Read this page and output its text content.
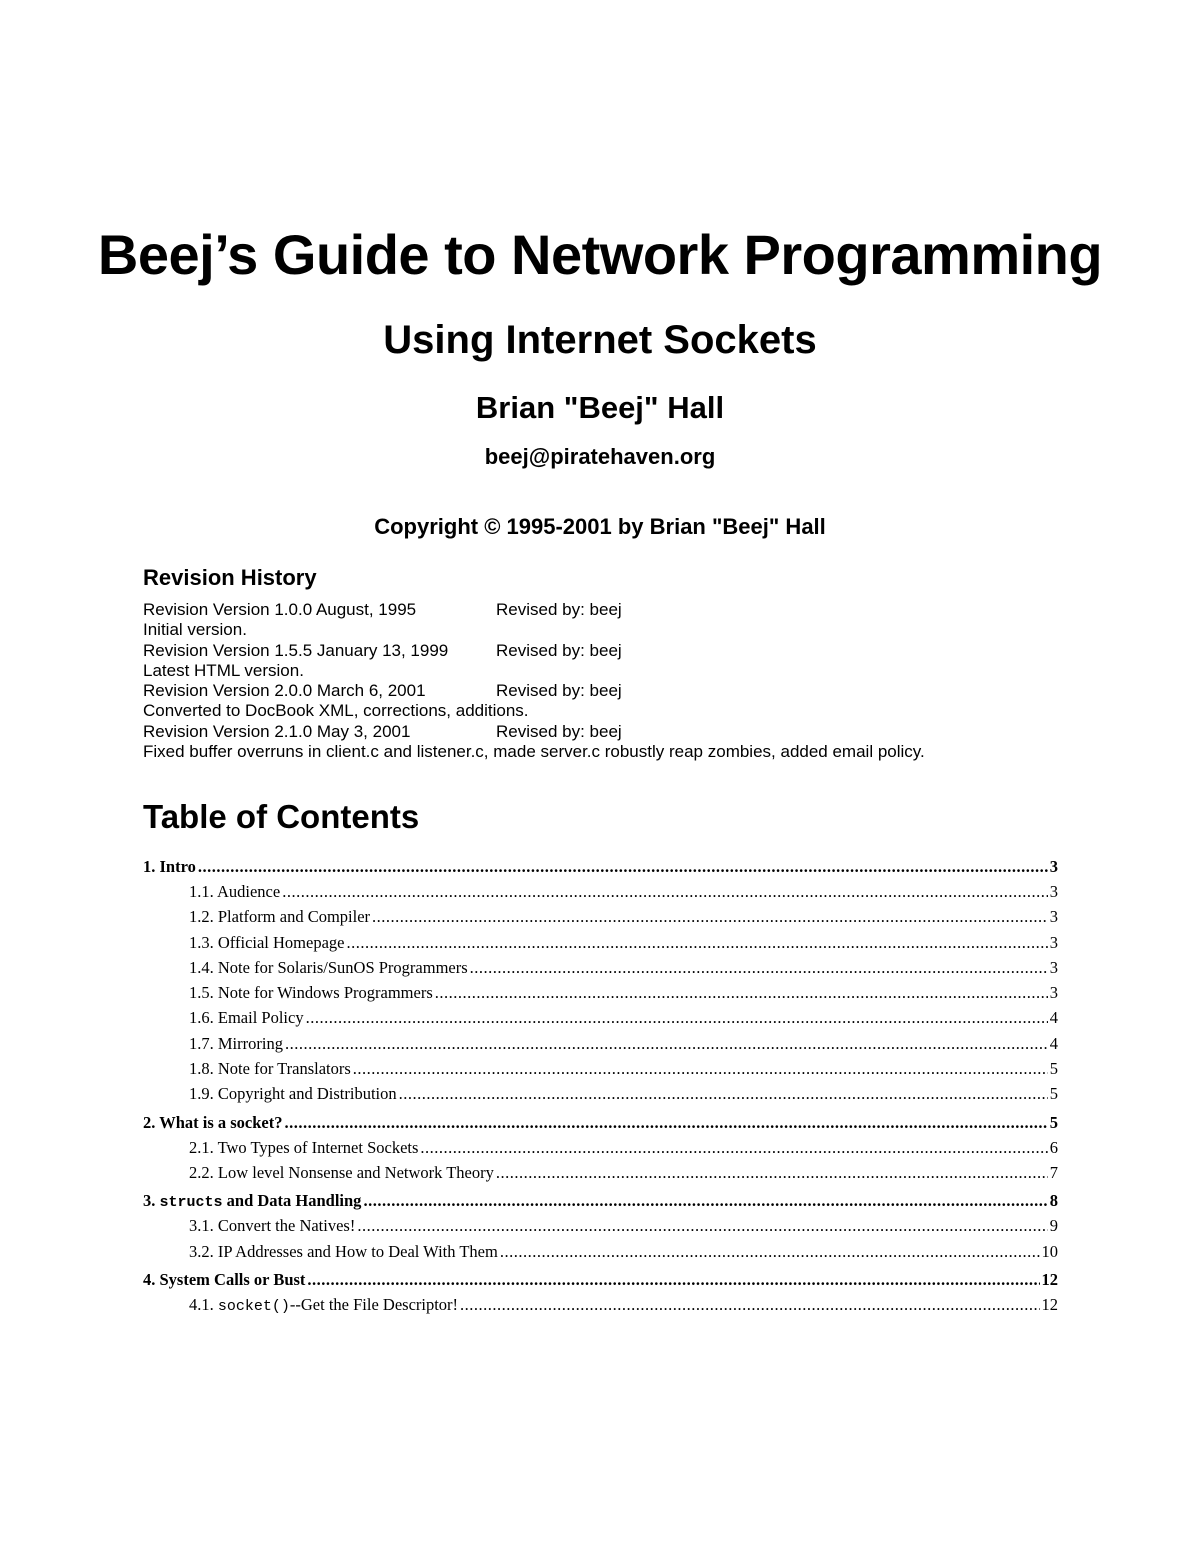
Beej’s Guide to Network Programming
Using Internet Sockets
Brian "Beej" Hall
beej@piratehaven.org
Copyright © 1995-2001 by Brian "Beej" Hall
Revision History
Revision Version 1.0.0 August, 1995	Revised by: beej
Initial version.
Revision Version 1.5.5 January 13, 1999	Revised by: beej
Latest HTML version.
Revision Version 2.0.0 March 6, 2001	Revised by: beej
Converted to DocBook XML, corrections, additions.
Revision Version 2.1.0 May 3, 2001	Revised by: beej
Fixed buffer overruns in client.c and listener.c, made server.c robustly reap zombies, added email policy.
Table of Contents
1. Intro .....	3
1.1. Audience .....	3
1.2. Platform and Compiler .....	3
1.3. Official Homepage .....	3
1.4. Note for Solaris/SunOS Programmers .....	3
1.5. Note for Windows Programmers .....	3
1.6. Email Policy .....	4
1.7. Mirroring .....	4
1.8. Note for Translators .....	5
1.9. Copyright and Distribution .....	5
2. What is a socket? .....	5
2.1. Two Types of Internet Sockets .....	6
2.2. Low level Nonsense and Network Theory .....	7
3. structs and Data Handling .....	8
3.1. Convert the Natives! .....	9
3.2. IP Addresses and How to Deal With Them .....	10
4. System Calls or Bust .....	12
4.1. socket()--Get the File Descriptor! .....	12
